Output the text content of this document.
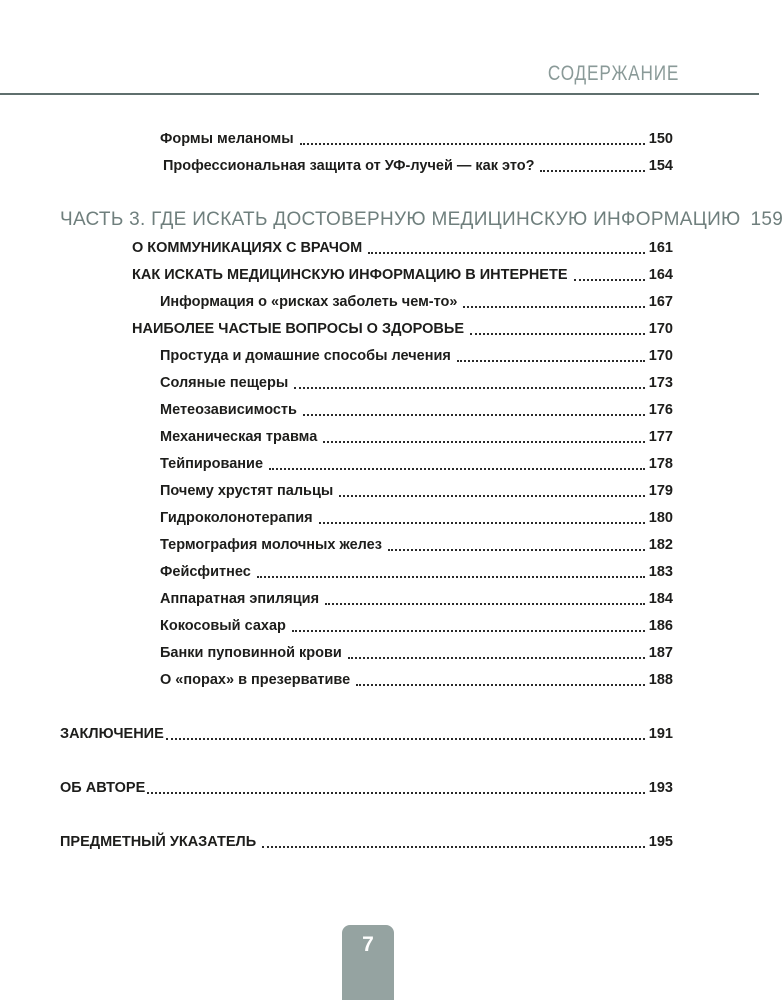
СОДЕРЖАНИЕ
Формы меланомы	150
Профессиональная защита от УФ-лучей — как это?	154
ЧАСТЬ 3. ГДЕ ИСКАТЬ ДОСТОВЕРНУЮ МЕДИЦИНСКУЮ ИНФОРМАЦИЮ 159
О КОММУНИКАЦИЯХ С ВРАЧОМ	161
КАК ИСКАТЬ МЕДИЦИНСКУЮ ИНФОРМАЦИЮ В ИНТЕРНЕТЕ	164
Информация о «рисках заболеть чем-то»	167
НАИБОЛЕЕ ЧАСТЫЕ ВОПРОСЫ О ЗДОРОВЬЕ	170
Простуда и домашние способы лечения	170
Соляные пещеры	173
Метеозависимость	176
Механическая травма	177
Тейпирование	178
Почему хрустят пальцы	179
Гидроколонотерапия	180
Термография молочных желез	182
Фейсфитнес	183
Аппаратная эпиляция	184
Кокосовый сахар	186
Банки пуповинной крови	187
О «порах» в презервативе	188
ЗАКЛЮЧЕНИЕ	191
ОБ АВТОРЕ	193
ПРЕДМЕТНЫЙ УКАЗАТЕЛЬ	195
7
